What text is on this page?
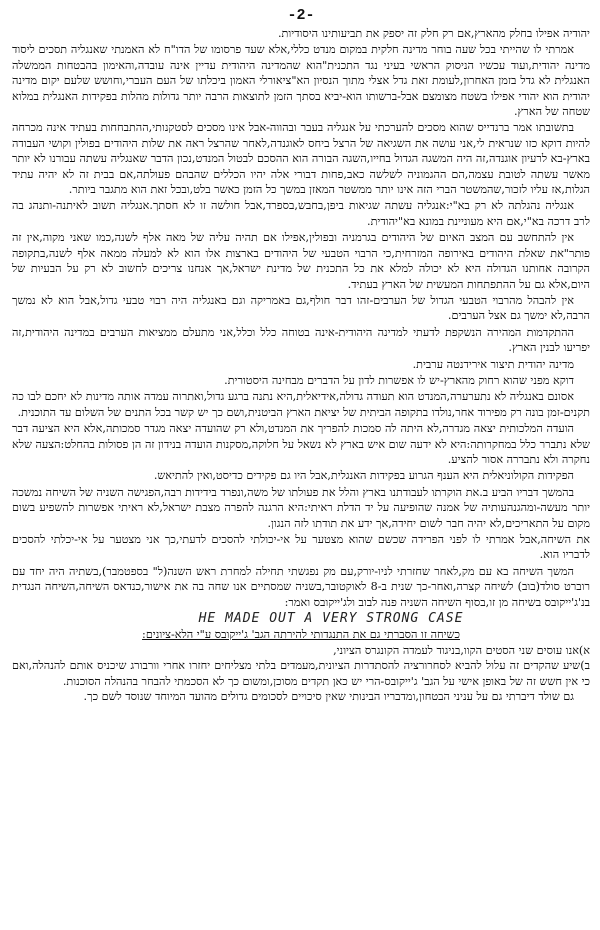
-2-

יהודיה אפילו בחלק מהארץ,אם רק חלק זה יספק את תביעותינו היסודיות.

אמרתי לו שהייתי בכל שעה בוחר מדינה חלקית במקום מנדט כללי,אלא שעד פרסומו של הדו"ח לא האמנתי שאנגליה תסכים ליסוד מדינה יהודית,ועוד עכשיו הניסוק הראשי בעיני נגד התכנית"הוא שהמדינה היהודית עדיין אינה עובדה,והאימון בהבטחות הממשלה האנגלית לא גדל בזמן האחרון,לעומת זאת גדל אצלי מתוך הנסיון הא"ציאורלי האמון ביכלתו של העם העברי,וחושש שלעם יקום מדינה יהודית הוא יהודי אפילו בשטח מצומצם אבל-ברשותו הוא-יביא בסתך הזמן לתוצאות הרבה יותר גדולות מהלות בפקידות האנגלית במלוא שטחה של הארץ.

בתשובתו אמר ברנדייס שהוא מסכים להערכתי על אנגליה בעבר ובהווה-אבל אינו מסכים לסטקנותי,ההתבחחות בעתיד אינה מכרחה להיות דוקא כזו שנראית לי,אני עושה את השגיאה של הרצל ביחס לאוגנדה,לאחר שהרצל ראה את שלות היהודים בפולין וקושי העבודה בארץ-בא לרעיון אוגנדה,זה היה המשגה הגדול בחייו,השגה הבורה הוא ההסכם לבטול המנדט,נכון הדבר שאנגליה עשתה עבורנו לא יותר מאשר עשתה לטובת עצמה,הם ההגמוניה לשלשה כאב,פחות דבורי אלה יהיו הכללים שהבהם פעולתה,אם בבית זה לא יהיה עתיד הגלות,אז עליו לזכור,שהמשטר הברי הזה אינו יותר ממשטר המאזן במשך כל הזמן כאשר בלט,ובכל זאת הוא מתגבר ביותר.

אנגליה נהגלתה לא רק בא"י:אנגליה עשתה שגיאות ביפן,בחבש,בספרד,אבל חולשה זו לא חסתך.אנגליה תשוב לאיתנה-ותנהג בה לרב דרכה בא"י,אם היא מעוניינת במונא בא"יהודית.

אין להתחשב עם המצב האיום של היהודים בגרמניה ובפולין,אפילו אם תהיה עליה של מאה אלף לשנה,כמו שאני מקוה,אין זה פותר"את שאלת היהודים באירופה המזרחית,כי הרבוי הטבעי של היהודים בארצות אלו הוא לא למעלה ממאה אלף לשנה,בתקופה הקרובה אחותנו הגדולה היא לא יכולה למלא את כל התכנית של מדינת ישראל,אך אנחנו צריכים לחשוב לא רק על הבעיות של היום,אלא גם על ההתפתחות המעשית של הארץ בעתיד.

אין להבהל מהרבוי הטבעי הגדול של הערבים-זהו דבר חולף,גם באמריקה וגם באנגליה היה רבוי טבעי גדול,אבל הוא לא נמשך הרבה,לא ימשך גם אצל הערבים.

ההתקדמות המהירה הנשקפת לדעתי למדינה היהודית-אינה בטוחה כלל וכלל,אני מתעלם ממציאות הערבים במדינה היהודית,זה יפריעו לבנין הארץ.

מדינה יהודית תיצור אירידנטה ערבית.

דוקא מפני שהוא רחוק מהארץ-יש לו אפשרות לדון על הדברים מבחינה היסטורית.

אסונם באנגליה לא נתערערה,המנדט הוא תעודה גדולה,אידיאלית,היא נתנה ברגע גדול,ואתרוה עמדה אותה מדינות לא יחכם לבו כה תקנים-זמן בונה רק מפירוד אחר,נולדו בתקופה הביתית של יציאת הארץ הביטנית,ושם כך יש קשר בכל התנים של השלום עד התוכנית.

הועדה המלכותית יצאה מגדרה,לא היתה לה סמכות להפריך את המנדט,ולא רק שהועדה יצאה מגדר סמכותה,אלא היא הציעה דבר שלא נתברר כלל במחקרותה:היא לא ידעה שום איש בארץ לא נשאל על חלוקה,מסקנות הועדה בנידון זה הן פסולות בהחלט:הצעה שלא נחקרה ולא נתבררה אסור להציע.

הפקידות הקולוניאלית היא הענף הגרוע בפקידות האנגלית,אבל היו גם פקידים כדיסט,ואין להתיאש.

בהמשך דבריו הביע ב.את הוקרתו לעבודתנו בארץ והלל את פעולתו של משה,ונפרד בידידות רבה,הפגישה השניה של השיחה נמשכה יותר מעשה-ומהגנהעותיה של אמנה שהופיעה על יד הדלת ראיתי:היא הרגנה להפרה מצבת ישראל,לא ראיתי אפשרות להשפיע בשום מקום על התאריכים,לא יהיה חבר לשום יחידה,אך ידע את תודתו לזה הנגון.

את השיחה,אבל אמרתי לו לפני הפרידה שכשם שהוא מצטער על אי-יכולתי להסכים לדעתי,כך אני מצטער על אי-יכלתי להסכים לדבריו הוא.

המשך השיחה בא עם מק,לאחר שחזרתי לניו-יורק,עם מק נפגשתי תחילה למחרת ראש השנה(ל" בספטמבר),בשתיה היה יחד עם רוברט סולד(בוב) לשיחה קצרה,ואחר-כך שנית ב-8 לאוקטובר,בשניה שמסתיים אנו שחה בה את אישור,כנדאס השיחה,השיחה הנגדית בנ'ג'ייקובס בשיחה מן זו,בסוף השיחה השניה פנה לבוב ולג'ייקובס ואמר:

HE MADE OUT A VERY STRONG CASE
כשיחה זו הסברתי גם את התנגדותי להירתה הגב' ג'ייקובס ע"י הלא-ציונים:

א)אנו עוסים שני הסטים הקוו,בניגוד לעמדה הקונגרס הציוני,

ב)שיע שהקדים זה עלול להביא לסחרורציה להסתדרות הציונית,מעמדים בלתי מצליחים יחזרו אחרי וורבורג שיכניס אותם להנהלה,ואם כי אין חשש זה של באופן אישי על הגב' ג'ייקובס-הרי יש כאן תקדים מסוכן,ומשום כך לא הסכמתי להבחר בהנהלה הסוכנות.

גם שולד דיברתי גם על עניני הבטחון,ומדבריו הבינותי שאין סיכויים לסכומים גדולים מהועד המיוחד שנוסד לשם כך.
